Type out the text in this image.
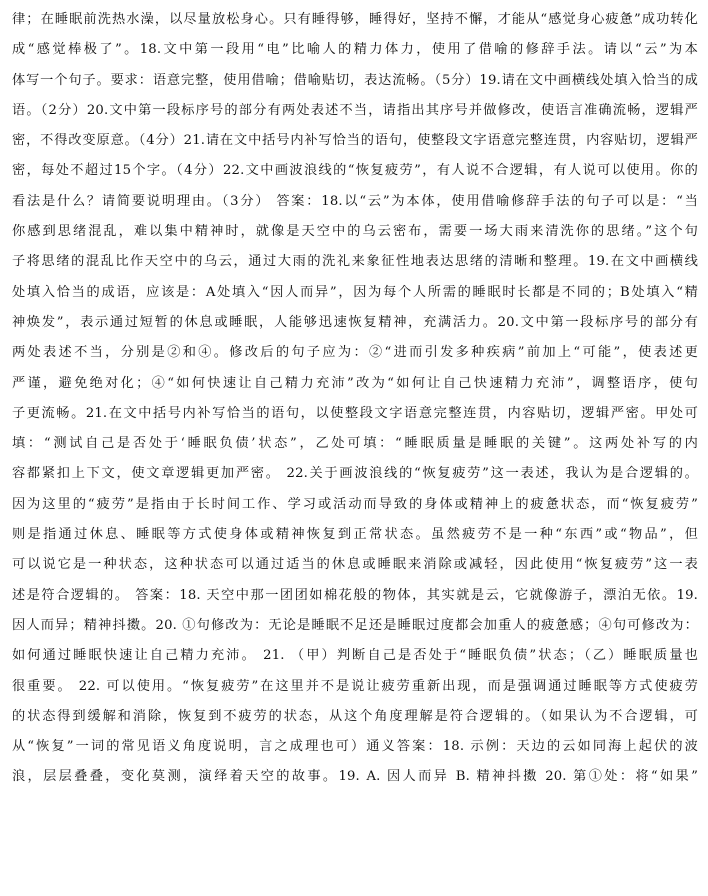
律；在睡眠前洗热水澡，以尽量放松身心。只有睡得够，睡得好，坚持不懈，才能从“感觉身心疲惫”成功转化
成“感觉棒极了”。18.文中第一段用“电”比喻人的精力体力，使用了借喻的修辞手法。请以“云”为本
体写一个句子。要求：语意完整，使用借喻；借喻贴切，表达流畅。（5分）19.请在文中画横线处填入恰当的成
语。（2分）20.文中第一段标序号的部分有两处表述不当，请指出其序号并做修改，使语言准确流畅，逻辑严
密，不得改变原意。（4分）21.请在文中括号内补写恰当的语句，使整段文字语意完整连贯，内容贴切，逻辑严
密，每处不超过15个字。（4分）22.文中画波浪线的“恢复疲劳”，有人说不合逻辑，有人说可以使用。你的
看法是什么？请简要说明理由。（3分） 答案：18.以“云”为本体，使用借喻修辞手法的句子可以是：“当
你感到思绪混乱，难以集中精神时，就像是天空中的乌云密布，需要一场大雨来清洗你的思绪。”这个句
子将思绪的混乱比作天空中的乌云，通过大雨的洗礼来象征性地表达思绪的清晰和整理。19.在文中画横线
处填入恰当的成语，应该是：A处填入“因人而异”，因为每个人所需的睡眠时长都是不同的；B处填入“精
神焕发”，表示通过短暂的休息或睡眠，人能够迅速恢复精神，充满活力。20.文中第一段标序号的部分有
两处表述不当，分别是②和④。修改后的句子应为：②“进而引发多种疾病”前加上“可能”，使表述更
严谨，避免绝对化；④“如何快速让自己精力充沛”改为“如何让自己快速精力充沛”，调整语序，使句
子更流畅。21.在文中括号内补写恰当的语句，以使整段文字语意完整连贯，内容贴切，逻辑严密。甲处可
填：“测试自己是否处于‘睡眠负债’状态”，乙处可填：“睡眠质量是睡眠的关键”。这两处补写的内
容都紧扣上下文，使文章逻辑更加严密。 22.关于画波浪线的“恢复疲劳”这一表述，我认为是合逻辑的。
因为这里的“疲劳”是指由于长时间工作、学习或活动而导致的身体或精神上的疲惫状态，而“恢复疲劳”
则是指通过休息、睡眠等方式使身体或精神恢复到正常状态。虽然疲劳不是一种“东西”或“物品”，但
可以说它是一种状态，这种状态可以通过适当的休息或睡眠来消除或减轻，因此使用“恢复疲劳”这一表
述是符合逻辑的。 答案：18. 天空中那一团团如棉花般的物体，其实就是云，它就像游子，漂泊无依。19.
因人而异；精神抖擞。20. ①句修改为：无论是睡眠不足还是睡眠过度都会加重人的疲惫感；④句可修改为：
如何通过睡眠快速让自己精力充沛。 21. （甲）判断自己是否处于“睡眠负债”状态；（乙）睡眠质量也
很重要。 22. 可以使用。“恢复疲劳”在这里并不是说让疲劳重新出现，而是强调通过睡眠等方式使疲劳
的状态得到缓解和消除，恢复到不疲劳的状态，从这个角度理解是符合逻辑的。（如果认为不合逻辑，可
从“恢复”一词的常见语义角度说明，言之成理也可）通义答案：18. 示例：天边的云如同海上起伏的波
浪，层层叠叠，变化莫测，演绎着天空的故事。19. A. 因人而异 B. 精神抖擞 20. 第①处：将“如果”
